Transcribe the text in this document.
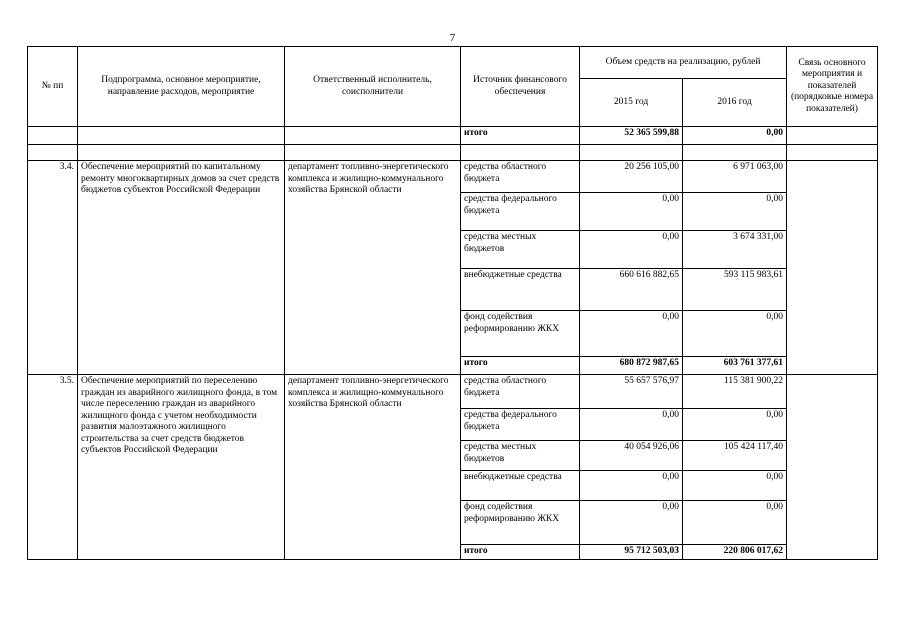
7
№ пп	Подпрограмма, основное мероприятие, направление расходов, мероприятие	Ответственный исполнитель, соисполнители	Источник финансового обеспечения	Объем средств на реализацию, рублей		Связь основного мероприятия и показателей (порядковые номера показателей)
				2015 год	2016 год	
			итого	52 365 599,88	0,00	

3.4.	Обеспечение мероприятий по капитальному ремонту многоквартирных домов за счет средств бюджетов субъектов Российской Федерации	департамент топливно-энергетического комплекса и жилищно-коммунального хозяйства Брянской области	средства областного бюджета	20 256 105,00	6 971 063,00	
			средства федерального бюджета	0,00	0,00	
			средства местных бюджетов	0,00	3 674 331,00	
			внебюджетные средства	660 616 882,65	593 115 983,61	
			фонд содействия реформированию ЖКХ	0,00	0,00	
			итого	680 872 987,65	603 761 377,61	
3.5.	Обеспечение мероприятий по переселению граждан из аварийного жилищного фонда, в том числе переселению граждан из аварийного жилищного фонда с учетом необходимости развития малоэтажного жилищного строительства за счет средств бюджетов субъектов Российской Федерации	департамент топливно-энергетического комплекса и жилищно-коммунального хозяйства Брянской области	средства областного бюджета	55 657 576,97	115 381 900,22	
			средства федерального бюджета	0,00	0,00	
			средства местных бюджетов	40 054 926,06	105 424 117,40	
			внебюджетные средства	0,00	0,00	
			фонд содействия реформированию ЖКХ	0,00	0,00	
			итого	95 712 503,03	220 806 017,62	
